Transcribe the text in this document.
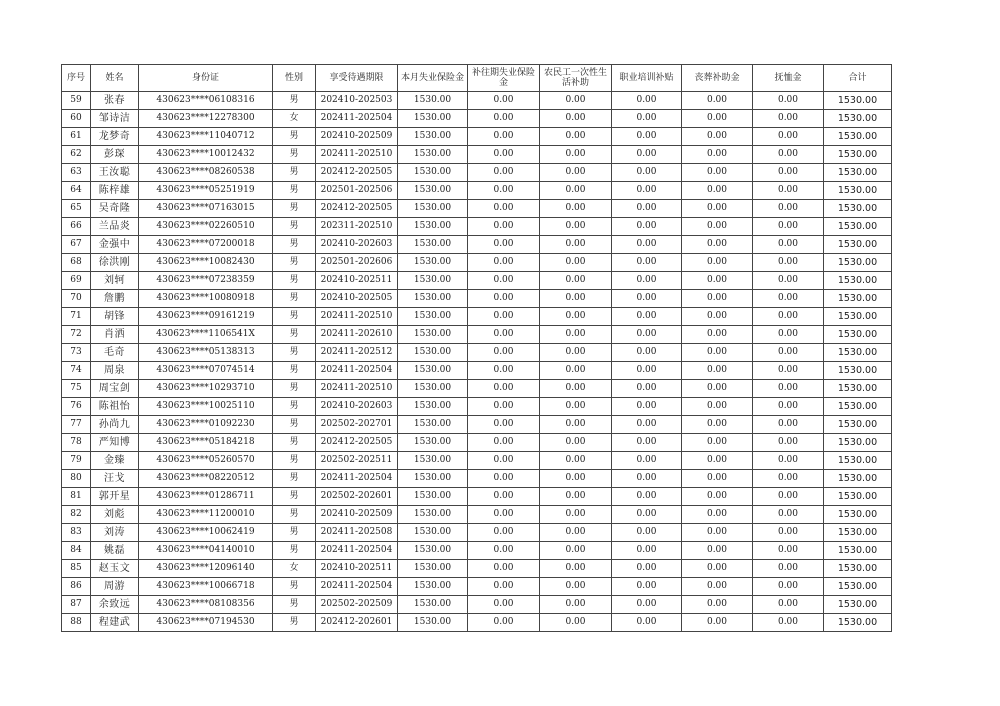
序号	姓名	身份证	性别	享受待遇期限	本月失业保险金	补往期失业保险金	农民工一次性生活补助	职业培训补贴	丧葬补助金	抚恤金	合计
59	张春	430623****06108316	男	202410-202503	1530.00	0.00	0.00	0.00	0.00	0.00	1530.00
60	邹诗洁	430623****12278300	女	202411-202504	1530.00	0.00	0.00	0.00	0.00	0.00	1530.00
61	龙梦奇	430623****11040712	男	202410-202509	1530.00	0.00	0.00	0.00	0.00	0.00	1530.00
62	彭琛	430623****10012432	男	202411-202510	1530.00	0.00	0.00	0.00	0.00	0.00	1530.00
63	王汝聪	430623****08260538	男	202412-202505	1530.00	0.00	0.00	0.00	0.00	0.00	1530.00
64	陈梓雄	430623****05251919	男	202501-202506	1530.00	0.00	0.00	0.00	0.00	0.00	1530.00
65	吴奇隆	430623****07163015	男	202412-202505	1530.00	0.00	0.00	0.00	0.00	0.00	1530.00
66	兰品炎	430623****02260510	男	202311-202510	1530.00	0.00	0.00	0.00	0.00	0.00	1530.00
67	金强中	430623****07200018	男	202410-202603	1530.00	0.00	0.00	0.00	0.00	0.00	1530.00
68	徐洪刚	430623****10082430	男	202501-202606	1530.00	0.00	0.00	0.00	0.00	0.00	1530.00
69	刘轲	430623****07238359	男	202410-202511	1530.00	0.00	0.00	0.00	0.00	0.00	1530.00
70	詹鹏	430623****10080918	男	202410-202505	1530.00	0.00	0.00	0.00	0.00	0.00	1530.00
71	胡锋	430623****09161219	男	202411-202510	1530.00	0.00	0.00	0.00	0.00	0.00	1530.00
72	肖洒	430623****1106541X	男	202411-202610	1530.00	0.00	0.00	0.00	0.00	0.00	1530.00
73	毛奇	430623****05138313	男	202411-202512	1530.00	0.00	0.00	0.00	0.00	0.00	1530.00
74	周泉	430623****07074514	男	202411-202504	1530.00	0.00	0.00	0.00	0.00	0.00	1530.00
75	周宝剑	430623****10293710	男	202411-202510	1530.00	0.00	0.00	0.00	0.00	0.00	1530.00
76	陈祖怡	430623****10025110	男	202410-202603	1530.00	0.00	0.00	0.00	0.00	0.00	1530.00
77	孙尚九	430623****01092230	男	202502-202701	1530.00	0.00	0.00	0.00	0.00	0.00	1530.00
78	严知博	430623****05184218	男	202412-202505	1530.00	0.00	0.00	0.00	0.00	0.00	1530.00
79	金臻	430623****05260570	男	202502-202511	1530.00	0.00	0.00	0.00	0.00	0.00	1530.00
80	汪戈	430623****08220512	男	202411-202504	1530.00	0.00	0.00	0.00	0.00	0.00	1530.00
81	郭开星	430623****01286711	男	202502-202601	1530.00	0.00	0.00	0.00	0.00	0.00	1530.00
82	刘彪	430623****11200010	男	202410-202509	1530.00	0.00	0.00	0.00	0.00	0.00	1530.00
83	刘涛	430623****10062419	男	202411-202508	1530.00	0.00	0.00	0.00	0.00	0.00	1530.00
84	姚磊	430623****04140010	男	202411-202504	1530.00	0.00	0.00	0.00	0.00	0.00	1530.00
85	赵玉文	430623****12096140	女	202410-202511	1530.00	0.00	0.00	0.00	0.00	0.00	1530.00
86	周游	430623****10066718	男	202411-202504	1530.00	0.00	0.00	0.00	0.00	0.00	1530.00
87	余致远	430623****08108356	男	202502-202509	1530.00	0.00	0.00	0.00	0.00	0.00	1530.00
88	程建武	430623****07194530	男	202412-202601	1530.00	0.00	0.00	0.00	0.00	0.00	1530.00
